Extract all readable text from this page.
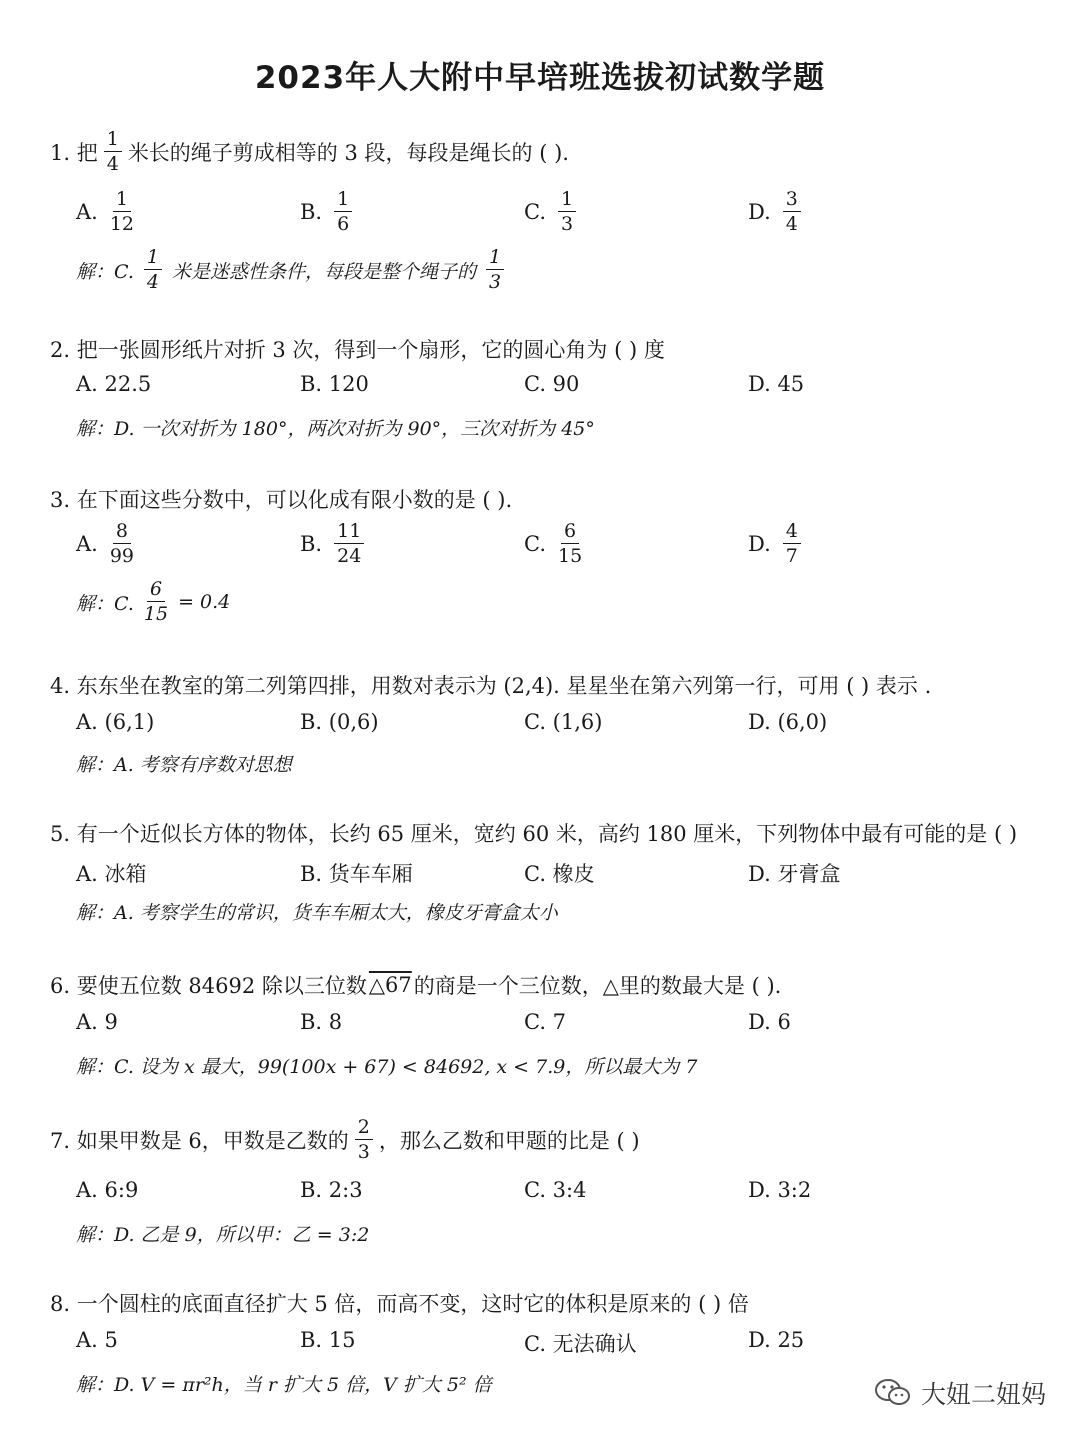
2023年人大附中早培班选拔初试数学题
1. 把 $\frac{1}{4}$ 米长的绳子剪成相等的 3 段，每段是绳长的 ( ).
A. $\frac{1}{12}$	B. $\frac{1}{6}$	C. $\frac{1}{3}$	D. $\frac{3}{4}$
解：C. $\frac{1}{4}$ 米是迷惑性条件，每段是整个绳子的 $\frac{1}{3}$
2. 把一张圆形纸片对折 3 次，得到一个扇形，它的圆心角为 ( ) 度
A. 22.5	B. 120	C. 90	D. 45
解：D. 一次对折为 180°，两次对折为 90°，三次对折为 45°
3. 在下面这些分数中，可以化成有限小数的是 ( ).
A. $\frac{8}{99}$	B. $\frac{11}{24}$	C. $\frac{6}{15}$	D. $\frac{4}{7}$
解：C. $\frac{6}{15} = 0.4$
4. 东东坐在教室的第二列第四排，用数对表示为 (2,4). 星星坐在第六列第一行，可用 ( ) 表示 .
A. (6,1)	B. (0,6)	C. (1,6)	D. (6,0)
解：A. 考察有序数对思想
5. 有一个近似长方体的物体，长约 65 厘米，宽约 60 米，高约 180 厘米，下列物体中最有可能的是 ( )
A. 冰箱	B. 货车车厢	C. 橡皮	D. 牙膏盒
解：A. 考察学生的常识，货车车厢太大，橡皮牙膏盒太小
6. 要使五位数 84692 除以三位数 △67 的商是一个三位数，△里的数最大是 ( ).
A. 9	B. 8	C. 7	D. 6
解：C. 设为 x 最大，99(100x + 67) < 84692, x < 7.9，所以最大为 7
7. 如果甲数是 6，甲数是乙数的 $\frac{2}{3}$ ，那么乙数和甲题的比是 ( )
A. 6:9	B. 2:3	C. 3:4	D. 3:2
解：D. 乙是 9，所以甲：乙 = 3:2
8. 一个圆柱的底面直径扩大 5 倍，而高不变，这时它的体积是原来的 ( ) 倍
A. 5	B. 15	C. 无法确认	D. 25
解：D. V = πr²h，当 r 扩大 5 倍，V 扩大 5² 倍	大妞二妞妈
